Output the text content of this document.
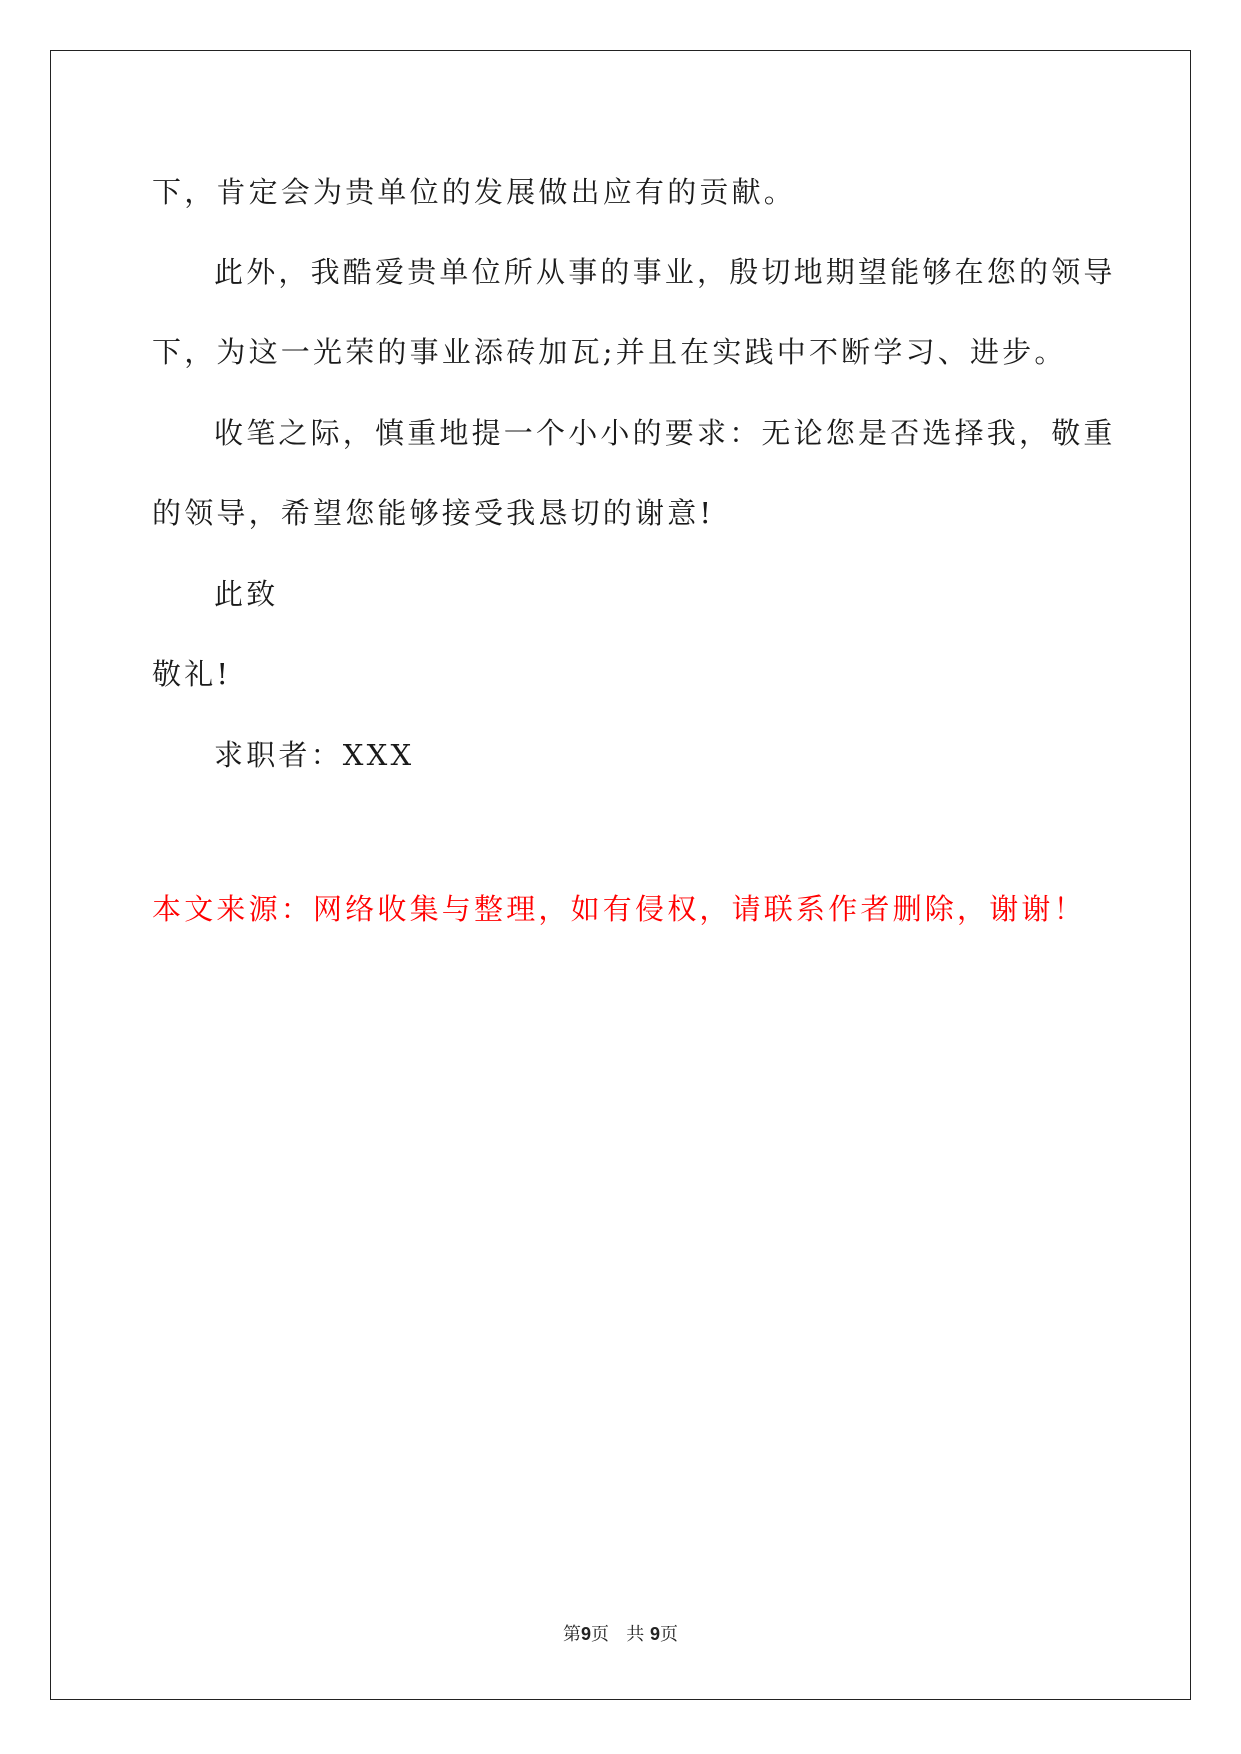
下，肯定会为贵单位的发展做出应有的贡献。
此外，我酷爱贵单位所从事的事业，殷切地期望能够在您的领导
下，为这一光荣的事业添砖加瓦;并且在实践中不断学习、进步。
收笔之际，慎重地提一个小小的要求：无论您是否选择我，敬重
的领导，希望您能够接受我恳切的谢意!
此致
敬礼!
求职者：XXX
本文来源：网络收集与整理，如有侵权，请联系作者删除，谢谢！
第9页 共 9页
